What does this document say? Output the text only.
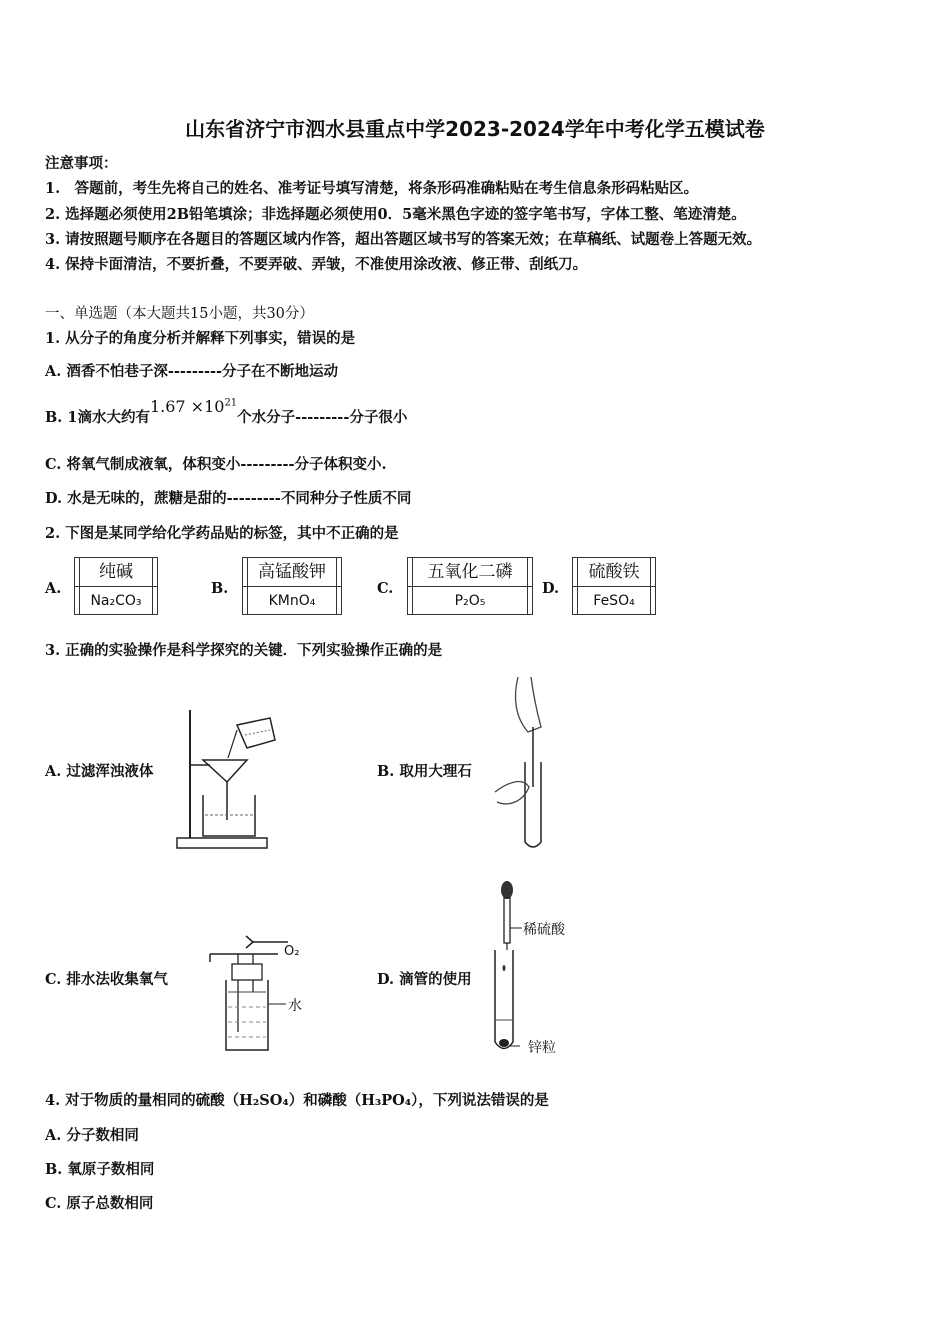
山东省济宁市泗水县重点中学2023-2024学年中考化学五模试卷
注意事项：
1.　答题前，考生先将自己的姓名、准考证号填写清楚，将条形码准确粘贴在考生信息条形码粘贴区。
2. 选择题必须使用2B铅笔填涂；非选择题必须使用0．5毫米黑色字迹的签字笔书写，字体工整、笔迹清楚。
3. 请按照题号顺序在各题目的答题区域内作答，超出答题区域书写的答案无效；在草稿纸、试题卷上答题无效。
4. 保持卡面清洁，不要折叠，不要弄破、弄皱，不准使用涂改液、修正带、刮纸刀。
一、单选题（本大题共15小题，共30分）
1. 从分子的角度分析并解释下列事实，错误的是
A. 酒香不怕巷子深---------分子在不断地运动
B. 1滴水大约有$1.67 \times 10^{21}$个水分子---------分子很小
C. 将氧气制成液氧，体积变小---------分子体积变小.
D. 水是无味的，蔗糖是甜的---------不同种分子性质不同
2. 下图是某同学给化学药品贴的标签，其中不正确的是
A.
纯碱
Na₂CO₃
B.
高锰酸钾
KMnO₄
C.
五氧化二磷
P₂O₅
D.
硫酸铁
FeSO₄
3. 正确的实验操作是科学探究的关键．下列实验操作正确的是
A. 过滤浑浊液体	B. 取用大理石
C. 排水法收集氧气
O₂
水
D. 滴管的使用
稀硫酸
锌粒
4. 对于物质的量相同的硫酸（H₂SO₄）和磷酸（H₃PO₄），下列说法错误的是
A. 分子数相同
B. 氧原子数相同
C. 原子总数相同
